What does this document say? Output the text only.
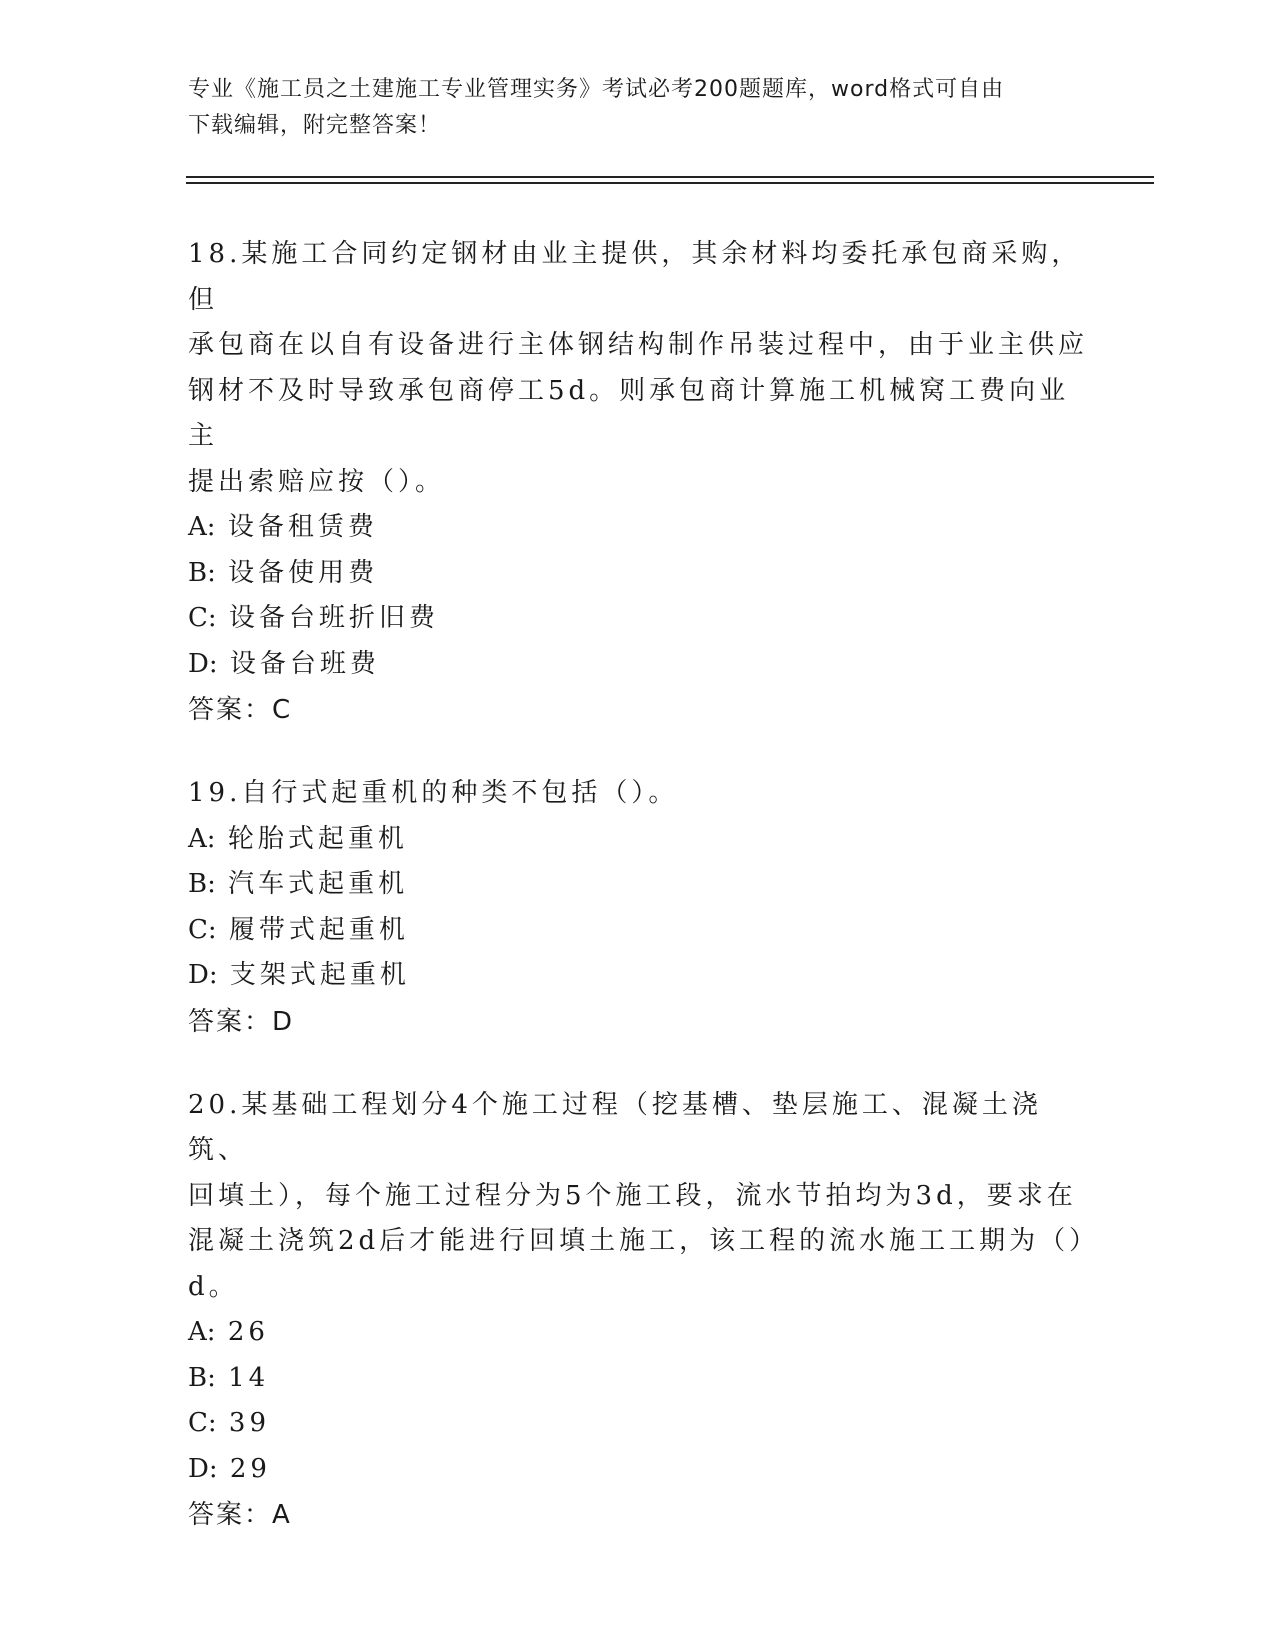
专业《施工员之土建施工专业管理实务》考试必考200题题库，word格式可自由
下载编辑，附完整答案！

18.某施工合同约定钢材由业主提供，其余材料均委托承包商采购，但

承包商在以自有设备进行主体钢结构制作吊装过程中，由于业主供应

钢材不及时导致承包商停工5d。则承包商计算施工机械窝工费向业主

提出索赔应按（）。

A: 设备租赁费

B: 设备使用费

C: 设备台班折旧费

D: 设备台班费

答案：C

19.自行式起重机的种类不包括（）。

A: 轮胎式起重机

B: 汽车式起重机

C: 履带式起重机

D: 支架式起重机

答案：D

20.某基础工程划分4个施工过程（挖基槽、垫层施工、混凝土浇筑、

回填土），每个施工过程分为5个施工段，流水节拍均为3d，要求在

混凝土浇筑2d后才能进行回填土施工，该工程的流水施工工期为（）

d。

A: 26

B: 14

C: 39

D: 29

答案：A
